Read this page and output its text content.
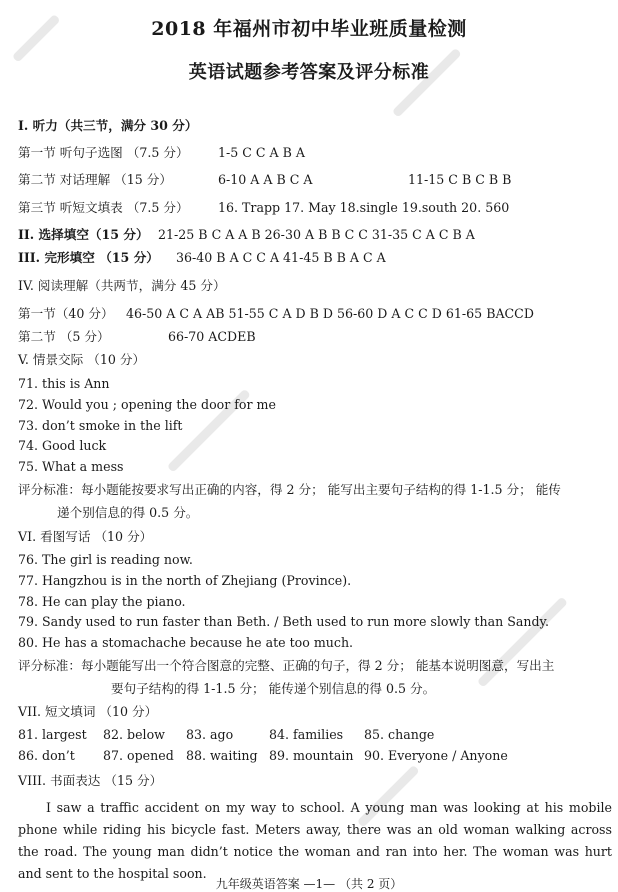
2018 年福州市初中毕业班质量检测
英语试题参考答案及评分标准
I. 听力（共三节，满分 30 分）
第一节 听句子选图 （7.5 分） 1-5 C C A B A
第二节 对话理解 （15 分）	6-10 A A B C A	11-15 C B C B B
第三节 听短文填表 （7.5 分） 16. Trapp 17. May 18.single 19.south 20. 560
II. 选择填空（15 分） 21-25 B C A A B 26-30 A B B C C 31-35 C A C B A
III. 完形填空 （15 分） 36-40 B A C C A 41-45 B B A C A
IV. 阅读理解（共两节，满分 45 分）
第一节（40 分） 46-50 A C A AB 51-55 C A D B D 56-60 D A C C D 61-65 BACCD
第二节 （5 分）	66-70 ACDEB
V. 情景交际 （10 分）
71. this is Ann
72. Would you ; opening the door for me
73. don’t smoke in the lift
74. Good luck
75. What a mess
评分标准：每小题能按要求写出正确的内容，得 2 分； 能写出主要句子结构的得 1-1.5 分； 能传
递个别信息的得 0.5 分。
VI. 看图写话 （10 分）
76. The girl is reading now.
77. Hangzhou is in the north of Zhejiang (Province).
78. He can play the piano.
79. Sandy used to run faster than Beth. / Beth used to run more slowly than Sandy.
80. He has a stomachache because he ate too much.
评分标准：每小题能写出一个符合图意的完整、正确的句子，得 2 分； 能基本说明图意，写出主
要句子结构的得 1-1.5 分； 能传递个别信息的得 0.5 分。
VII. 短文填词 （10 分）
81. largest 82. below 83. ago	84. families 85. change
86. don’t 87. opened 88. waiting 89. mountain 90. Everyone / Anyone
VIII. 书面表达 （15 分）
I saw a traffic accident on my way to school. A young man was looking at his mobile phone while riding his bicycle fast. Meters away, there was an old woman walking across the road. The young man didn’t notice the woman and ran into her. The woman was hurt and sent to the hospital soon.
九年级英语答案 —1— （共 2 页）
